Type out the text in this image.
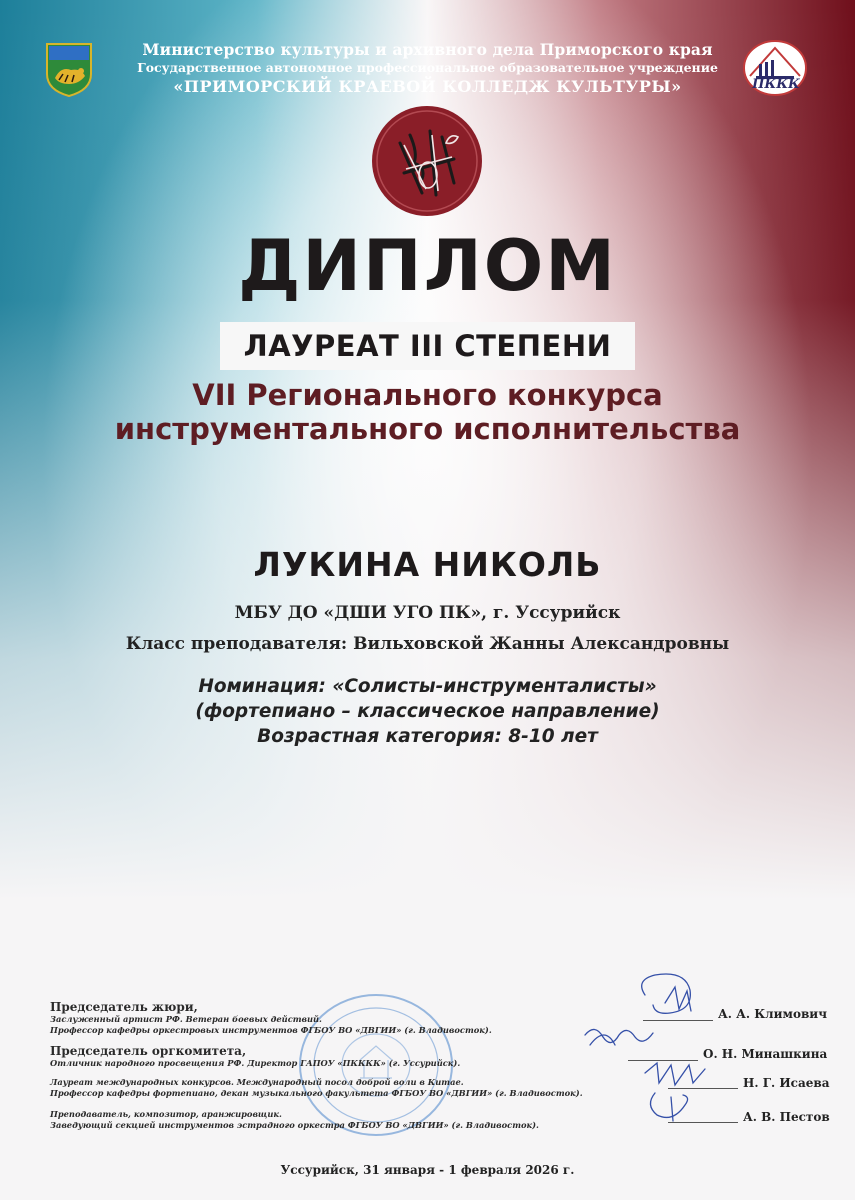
ПККК
Министерство культуры и архивного дела Приморского края
Государственное автономное профессиональное образовательное учреждение
«ПРИМОРСКИЙ КРАЕВОЙ КОЛЛЕДЖ КУЛЬТУРЫ»
ДИПЛОМ
ЛАУРЕАТ III СТЕПЕНИ
VII Регионального конкурса
инструментального исполнительства
ЛУКИНА НИКОЛЬ
МБУ ДО «ДШИ УГО ПК», г. Уссурийск
Класс преподавателя: Вильховской Жанны Александровны
Номинация: «Солисты-инструменталисты»
(фортепиано – классическое направление)
Возрастная категория: 8-10 лет
Председатель жюри,
Заслуженный артист РФ. Ветеран боевых действий.
Профессор кафедры оркестровых инструментов ФГБОУ ВО «ДВГИИ» (г. Владивосток).
Председатель оргкомитета,
Отличник народного просвещения РФ. Директор ГАПОУ «ПКККК» (г. Уссурийск).
Лауреат международных конкурсов. Международный посол доброй воли в Китае.
Профессор кафедры фортепиано, декан музыкального факультета ФГБОУ ВО «ДВГИИ» (г. Владивосток).
Преподаватель, композитор, аранжировщик.
Заведующий секцией инструментов эстрадного оркестра ФГБОУ ВО «ДВГИИ» (г. Владивосток).
А. А. Климович
О. Н. Минашкина
Н. Г. Исаева
А. В. Пестов
Уссурийск, 31 января - 1 февраля 2026 г.
